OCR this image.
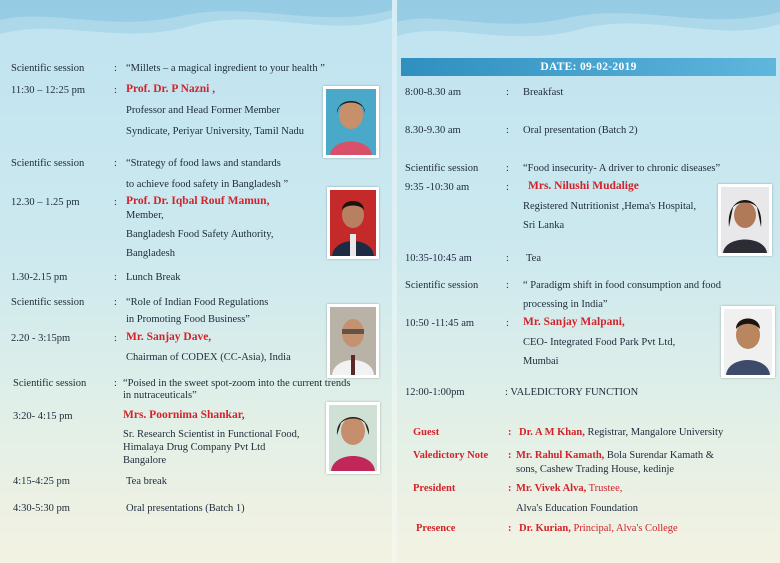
Scientific session	: “Millets – a magical ingredient to your health ”
11:30 – 12:25 pm	: Prof. Dr. P Nazni ,
Professor and Head Former Member
Syndicate, Periyar University, Tamil Nadu
Scientific session	: “Strategy of food laws and standards
to achieve food safety in Bangladesh ”
12.30 – 1.25 pm	: Prof. Dr. Iqbal Rouf Mamun,
Member,
Bangladesh Food Safety Authority,
Bangladesh
1.30-2.15 pm	: Lunch Break
Scientific session	: “Role of Indian Food Regulations
in Promoting Food Business”
2.20 - 3:15pm	: Mr. Sanjay Dave,
Chairman of CODEX (CC-Asia), India
Scientific session	: “Poised in the sweet spot-zoom into the current trends
in nutraceuticals”
3:20- 4:15 pm	Mrs. Poornima Shankar,
Sr. Research Scientist in Functional Food,
Himalaya Drug Company Pvt Ltd
Bangalore
4:15-4:25 pm	Tea break
4:30-5:30 pm	Oral presentations (Batch 1)
DATE: 09-02-2019
8:00-8.30 am	: Breakfast
8.30-9.30 am	: Oral presentation (Batch 2)
Scientific session	: “Food insecurity- A driver to chronic diseases”
9:35 -10:30 am	: Mrs. Nilushi Mudalige
Registered Nutritionist ,Hema's Hospital,
Sri Lanka
10:35-10:45 am	: Tea
Scientific session	: “ Paradigm shift in food consumption and food
processing in India”
10:50 -11:45 am	: Mr. Sanjay Malpani,
CEO- Integrated Food Park Pvt Ltd,
Mumbai
12:00-1:00pm	: VALEDICTORY FUNCTION
Guest	: Dr. A M Khan, Registrar, Mangalore University
Valedictory Note : Mr. Rahul Kamath, Bola Surendar Kamath &
sons, Cashew Trading House, kedinje
President	: Mr. Vivek Alva, Trustee,
Alva's Education Foundation
Presence	: Dr. Kurian, Principal, Alva's College
